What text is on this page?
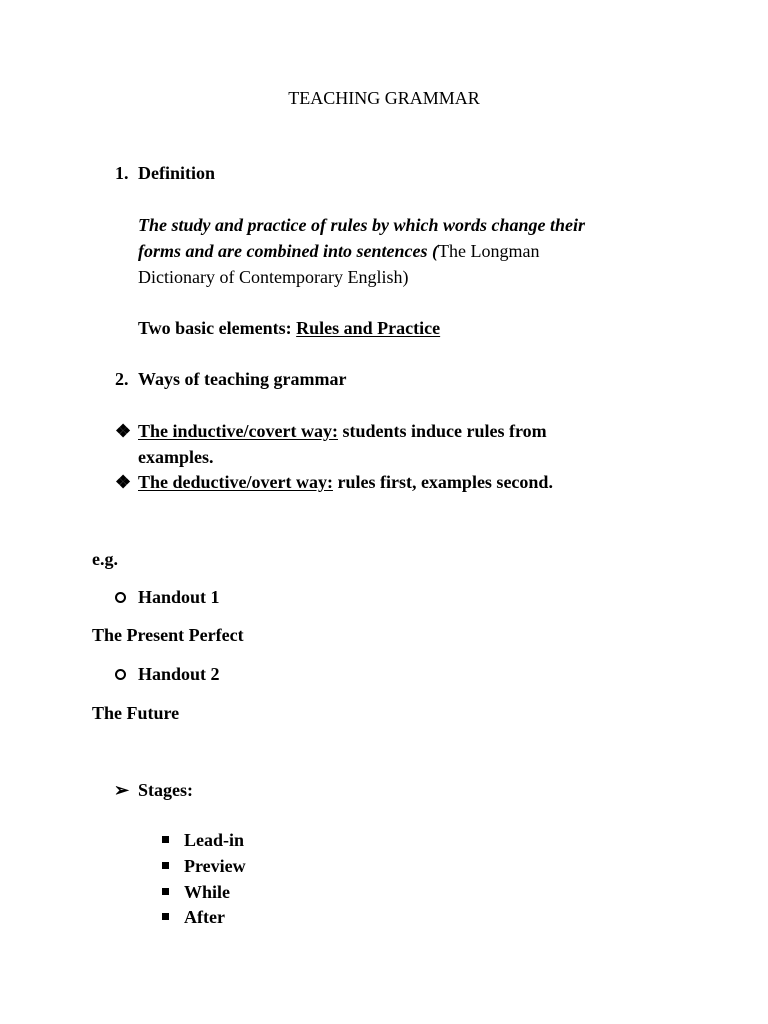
TEACHING GRAMMAR
1. Definition
The study and practice of rules by which words change their
forms and are combined into sentences (The Longman
Dictionary of Contemporary English)
Two basic elements: Rules and Practice
2. Ways of teaching grammar
❖ The inductive/covert way: students induce rules from
examples.
❖ The deductive/overt way: rules first, examples second.
e.g.
Handout 1
The Present Perfect
Handout 2
The Future
➢ Stages:
Lead-in
Preview
While
After
